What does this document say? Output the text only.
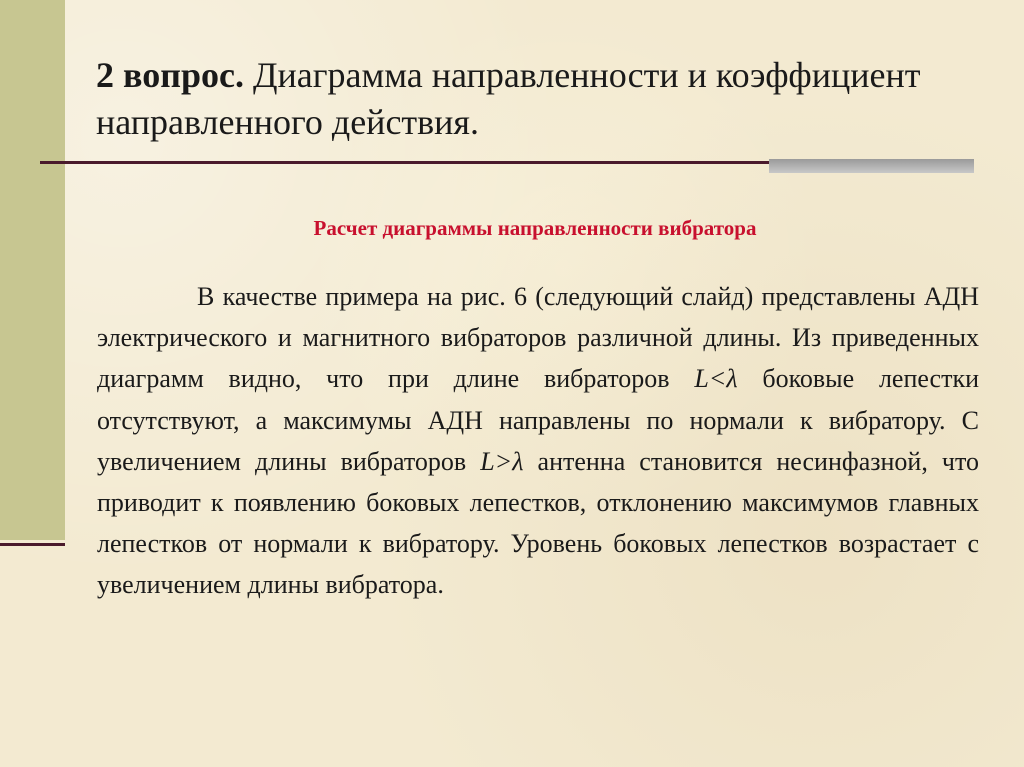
2 вопрос. Диаграмма направленности и коэффициент направленного действия.
Расчет диаграммы направленности вибратора

В качестве примера на рис. 6 (следующий слайд) представлены АДН электрического и магнитного вибраторов различной длины. Из приведенных диаграмм видно, что при длине вибраторов L<λ боковые лепестки отсутствуют, а максимумы АДН направлены по нормали к вибратору. С увеличением длины вибраторов L>λ антенна становится несинфазной, что приводит к появлению боковых лепестков, отклонению максимумов главных лепестков от нормали к вибратору. Уровень боковых лепестков возрастает с увеличением длины вибратора.
